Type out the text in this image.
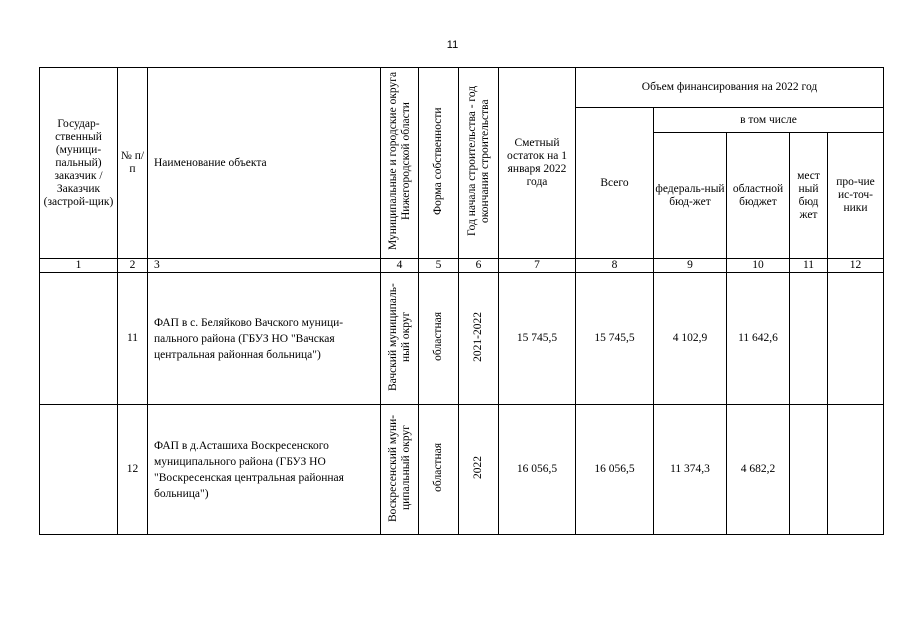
11
Государ-ственный (муници-пальный) заказчик / Заказчик (застрой-щик)	№ п/п	Наименование объекта	Муниципальные и городские округа Нижегородской области	Форма собственности	Год начала строительства - год окончания строительства	Сметный остаток на 1 января 2022 года	Объем финансирования на 2022 год				
							Всего	в том числе			
								федераль-ный бюд-жет	областной бюджет	мест ный бюд жет	про-чие ис-точ-ники
1	2	3	4	5	6	7	8	9	10	11	12
	11	ФАП в с. Беляйково Вачского муници-пального района (ГБУЗ НО "Вачская центральная районная больница")	Вачский муниципаль-ный округ	областная	2021-2022	15 745,5	15 745,5	4 102,9	11 642,6		
	12	ФАП в д.Асташиха Воскресенского муниципального района (ГБУЗ НО "Воскресенская центральная районная больница")	Воскресенский муни-ципальный округ	областная	2022	16 056,5	16 056,5	11 374,3	4 682,2		
